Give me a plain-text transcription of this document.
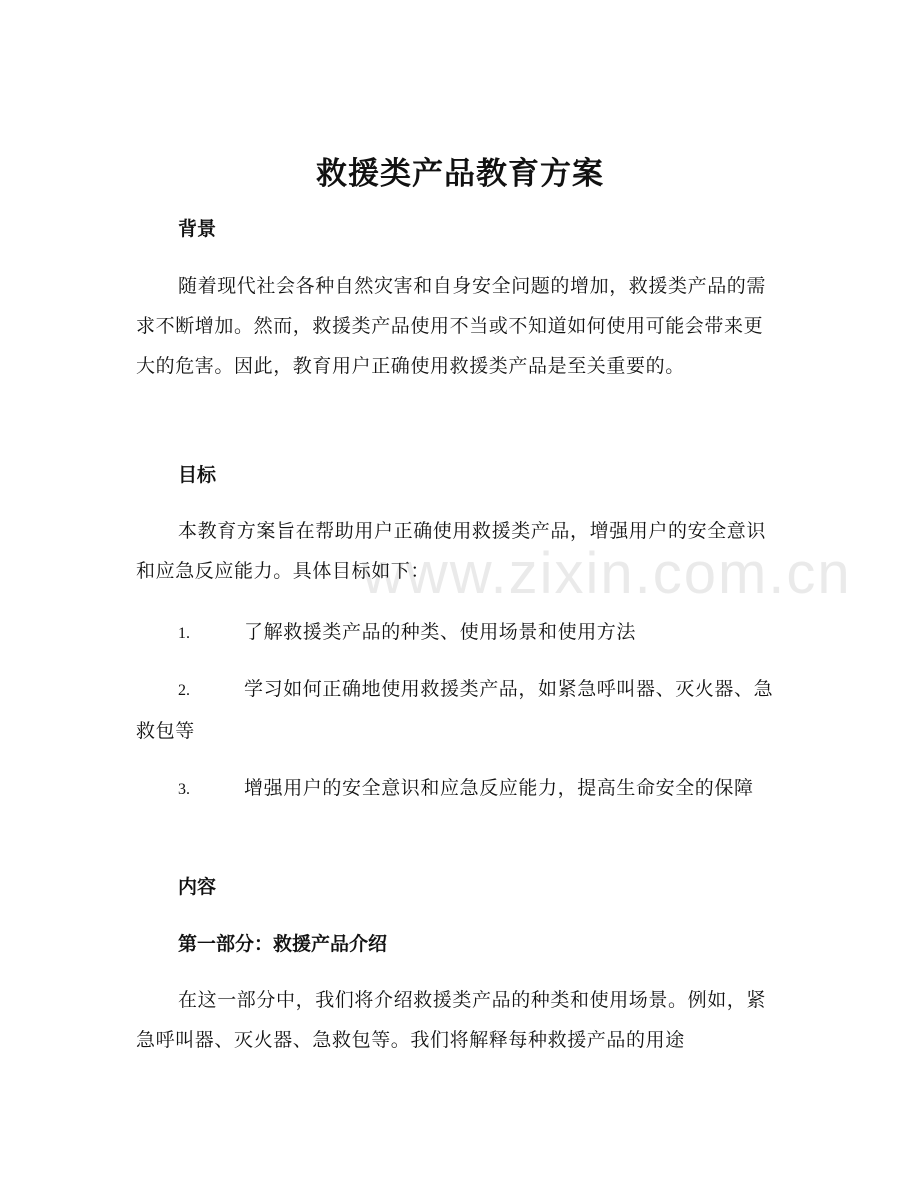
www.zixin.com.cn
救援类产品教育方案
背景
随着现代社会各种自然灾害和自身安全问题的增加，救援类产品的需求不断增加。然而，救援类产品使用不当或不知道如何使用可能会带来更大的危害。因此，教育用户正确使用救援类产品是至关重要的。
目标
本教育方案旨在帮助用户正确使用救援类产品，增强用户的安全意识和应急反应能力。具体目标如下：
1.	了解救援类产品的种类、使用场景和使用方法
2.	学习如何正确地使用救援类产品，如紧急呼叫器、灭火器、急救包等
3.	增强用户的安全意识和应急反应能力，提高生命安全的保障
内容
第一部分：救援产品介绍
在这一部分中，我们将介绍救援类产品的种类和使用场景。例如，紧急呼叫器、灭火器、急救包等。我们将解释每种救援产品的用途
